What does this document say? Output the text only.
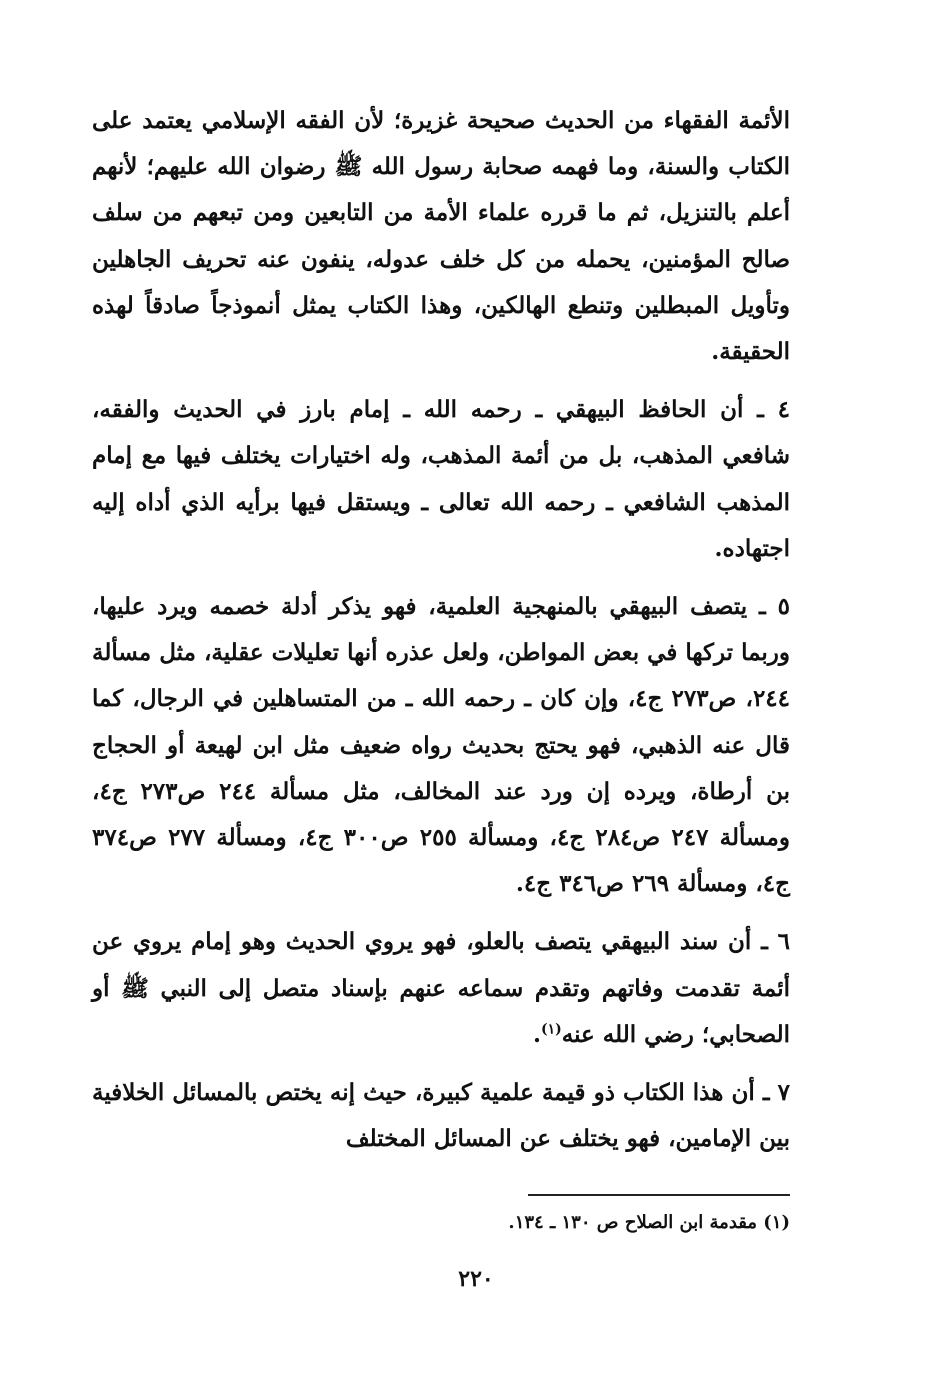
الأئمة الفقهاء من الحديث صحيحة غزيرة؛ لأن الفقه الإسلامي يعتمد على الكتاب والسنة، وما فهمه صحابة رسول الله ﷺ رضوان الله عليهم؛ لأنهم أعلم بالتنزيل، ثم ما قرره علماء الأمة من التابعين ومن تبعهم من سلف صالح المؤمنين، يحمله من كل خلف عدوله، ينفون عنه تحريف الجاهلين وتأويل المبطلين وتنطع الهالكين، وهذا الكتاب يمثل أنموذجاً صادقاً لهذه الحقيقة.

٤ ـ أن الحافظ البيهقي ـ رحمه الله ـ إمام بارز في الحديث والفقه، شافعي المذهب، بل من أئمة المذهب، وله اختيارات يختلف فيها مع إمام المذهب الشافعي ـ رحمه الله تعالى ـ ويستقل فيها برأيه الذي أداه إليه اجتهاده.

٥ ـ يتصف البيهقي بالمنهجية العلمية، فهو يذكر أدلة خصمه ويرد عليها، وربما تركها في بعض المواطن، ولعل عذره أنها تعليلات عقلية، مثل مسألة ٢٤٤، ص٢٧٣ ج٤، وإن كان ـ رحمه الله ـ من المتساهلين في الرجال، كما قال عنه الذهبي، فهو يحتج بحديث رواه ضعيف مثل ابن لهيعة أو الحجاج بن أرطاة، ويرده إن ورد عند المخالف، مثل مسألة ٢٤٤ ص٢٧٣ ج٤، ومسألة ٢٤٧ ص٢٨٤ ج٤، ومسألة ٢٥٥ ص٣٠٠ ج٤، ومسألة ٢٧٧ ص٣٧٤ ج٤، ومسألة ٢٦٩ ص٣٤٦ ج٤.

٦ ـ أن سند البيهقي يتصف بالعلو، فهو يروي الحديث وهو إمام يروي عن أئمة تقدمت وفاتهم وتقدم سماعه عنهم بإسناد متصل إلى النبي ﷺ أو الصحابي؛ رضي الله عنه$^{(١)}$.

٧ ـ أن هذا الكتاب ذو قيمة علمية كبيرة، حيث إنه يختص بالمسائل الخلافية بين الإمامين، فهو يختلف عن المسائل المختلف

(١) مقدمة ابن الصلاح ص ١٣٠ ـ ١٣٤.
٢٢٠
